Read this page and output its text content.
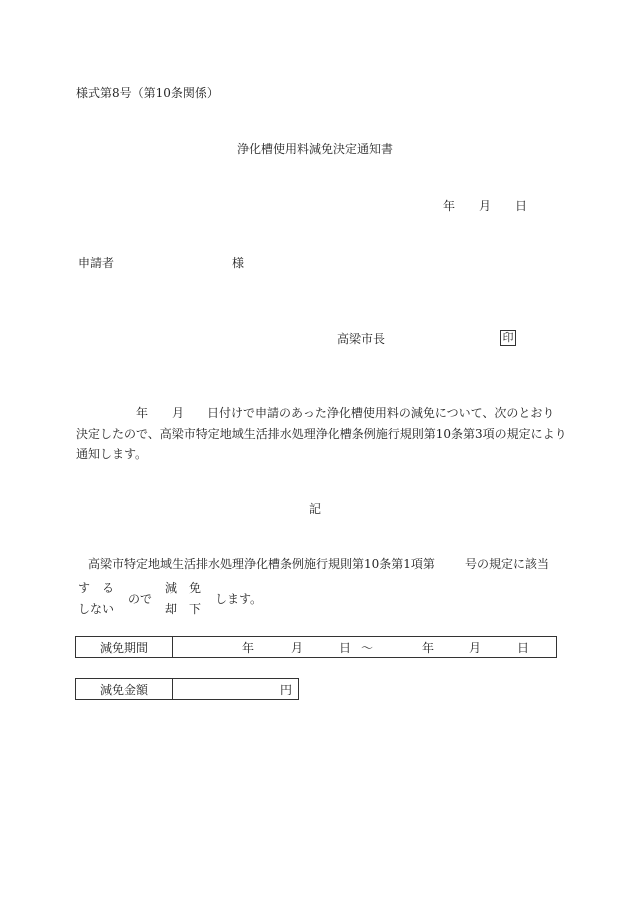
様式第8号（第10条関係）
浄化槽使用料減免決定通知書
年 月 日
申請者	様
高梁市長	印
年 月 日付けで申請のあった浄化槽使用料の減免について、次のとおり
決定したので、高梁市特定地域生活排水処理浄化槽条例施行規則第10条第3項の規定により
通知します。
記
高梁市特定地域生活排水処理浄化槽条例施行規則第10条第1項第	号の規定に該当
す　る
しない
ので
減　免
却　下
します。
減免期間	年	月	日 ～	年	月	日
減免金額	円
